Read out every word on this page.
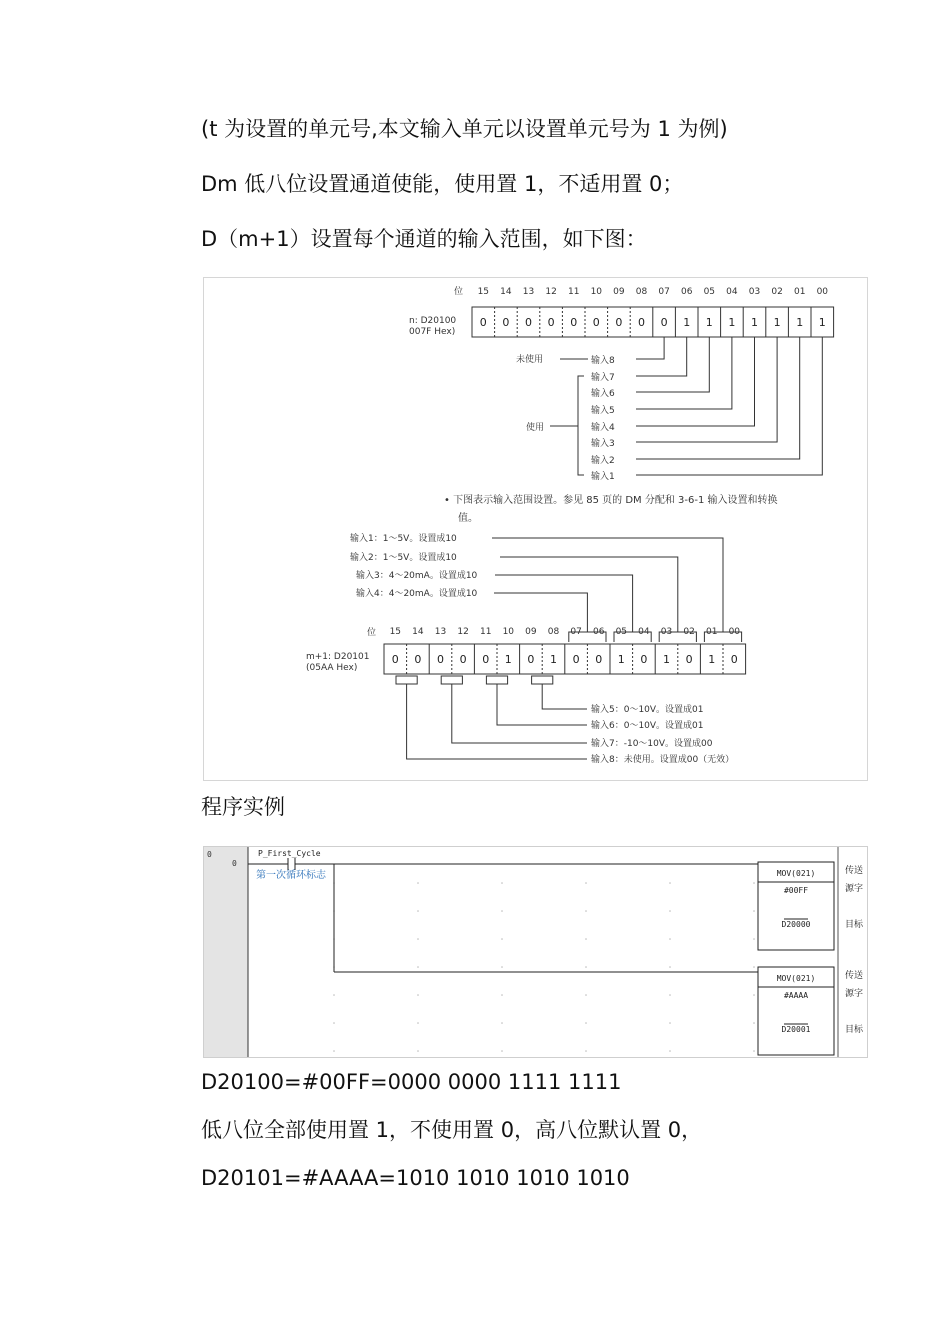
(t 为设置的单元号,本文输入单元以设置单元号为 1 为例)
Dm 低八位设置通道使能，使用置 1，不适用置 0；
D（m+1）设置每个通道的输入范围，如下图：
位 15 14 13 12 11 10 09 08 07 06 05 04 03 02 01 00
n: D20100
007F Hex)
0 0 0 0 0 0 0 0 0 1 1 1 1 1 1 1
未使用
使用
输入8
输入7
输入6
输入5
输入4
输入3
输入2
输入1
• 下图表示输入范围设置。参见 85 页的 DM 分配和 3-6-1 输入设置和转换
值。
输入1：1～5V。设置成10
输入2：1～5V。设置成10
输入3：4～20mA。设置成10
输入4：4～20mA。设置成10
位 15 14 13 12 11 10 09 08 07 06 05 04 03 02 01 00
m+1: D20101
(05AA Hex)
0 0 0 0 0 1 0 1 0 0 1 0 1 0 1 0
输入5：0～10V。设置成01
输入6：0～10V。设置成01
输入7：-10～10V。设置成00
输入8：未使用。设置成00（无效）
程序实例
0
0
P_First_Cycle
第一次循环标志	MOV(021)
#00FF
D20000
传送
源字
目标
MOV(021)
#AAAA
D20001
传送
源字
目标
D20100=#00FF=0000 0000 1111 1111
低八位全部使用置 1，不使用置 0，高八位默认置 0，
D20101=#AAAA=1010 1010 1010 1010
